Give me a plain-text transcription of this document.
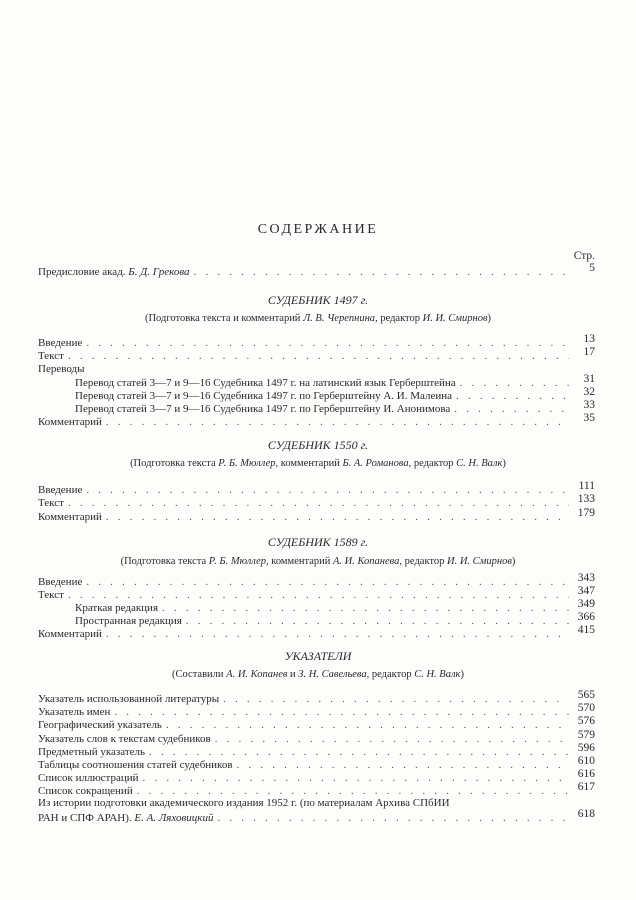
СОДЕРЖАНИЕ
Стр.
Предисловие акад. Б. Д. Грекова . . .	5
СУДЕБНИК 1497 г.
(Подготовка текста и комментарий Л. В. Черепнина, редактор И. И. Смирнов)
Введение . . .	13
Текст . . .	17
Переводы
Перевод статей 3—7 и 9—16 Судебника 1497 г. на латинский язык Герберштейна . . .	31
Перевод статей 3—7 и 9—16 Судебника 1497 г. по Герберштейну А. И. Малеина . . .	32
Перевод статей 3—7 и 9—16 Судебника 1497 г. по Герберштейну И. Анонимова . . .	33
Комментарий . . .	35
СУДЕБНИК 1550 г.
(Подготовка текста Р. Б. Мюллер, комментарий Б. А. Романова, редактор С. Н. Валк)
Введение . . .	111
Текст . . .	133
Комментарий . . .	179
СУДЕБНИК 1589 г.
(Подготовка текста Р. Б. Мюллер, комментарий А. И. Копанева, редактор И. И. Смирнов)
Введение . . .	343
Текст . . .	347
Краткая редакция . . .	349
Пространная редакция . . .	366
Комментарий . . .	415
УКАЗАТЕЛИ
(Составили А. И. Копанев и З. Н. Савельева, редактор С. Н. Валк)
Указатель использованной литературы . . .	565
Указатель имен . . .	570
Географический указатель . . .	576
Указатель слов к текстам судебников . . .	579
Предметный указатель . . .	596
Таблицы соотношения статей судебников . . .	610
Список иллюстраций . . .	616
Список сокращений . . .	617
Из истории подготовки академического издания 1952 г. (по материалам Архива СПбИИ
РАН и СПФ АРАН). Е. А. Ляховицкий . . .	618
